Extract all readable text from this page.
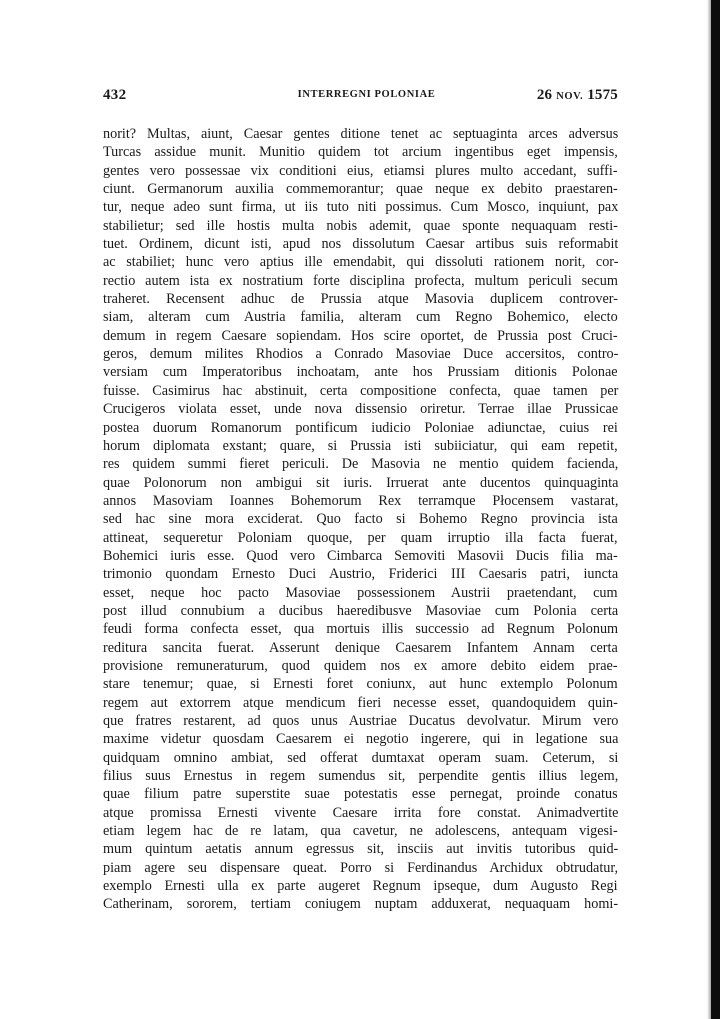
432	INTERREGNI POLONIAE	26 NOV. 1575
norit? Multas, aiunt, Caesar gentes ditione tenet ac septuaginta arces adversus
Turcas assidue munit. Munitio quidem tot arcium ingentibus eget impensis,
gentes vero possessae vix conditioni eius, etiamsi plures multo accedant, suffi-
ciunt. Germanorum auxilia commemorantur; quae neque ex debito praestaren-
tur, neque adeo sunt firma, ut iis tuto niti possimus. Cum Mosco, inquiunt, pax
stabilietur; sed ille hostis multa nobis ademit, quae sponte nequaquam resti-
tuet. Ordinem, dicunt isti, apud nos dissolutum Caesar artibus suis reformabit
ac stabiliet; hunc vero aptius ille emendabit, qui dissoluti rationem norit, cor-
rectio autem ista ex nostratium forte disciplina profecta, multum periculi secum
traheret. Recensent adhuc de Prussia atque Masovia duplicem controver-
siam, alteram cum Austria familia, alteram cum Regno Bohemico, electo
demum in regem Caesare sopiendam. Hos scire oportet, de Prussia post Cruci-
geros, demum milites Rhodios a Conrado Masoviae Duce accersitos, contro-
versiam cum Imperatoribus inchoatam, ante hos Prussiam ditionis Polonae
fuisse. Casimirus hac abstinuit, certa compositione confecta, quae tamen per
Crucigeros violata esset, unde nova dissensio oriretur. Terrae illae Prussicae
postea duorum Romanorum pontificum iudicio Poloniae adiunctae, cuius rei
horum diplomata exstant; quare, si Prussia isti subiiciatur, qui eam repetit,
res quidem summi fieret periculi. De Masovia ne mentio quidem facienda,
quae Polonorum non ambigui sit iuris. Irruerat ante ducentos quinquaginta
annos Masoviam Ioannes Bohemorum Rex terramque Płocensem vastarat,
sed hac sine mora exciderat. Quo facto si Bohemo Regno provincia ista
attineat, sequeretur Poloniam quoque, per quam irruptio illa facta fuerat,
Bohemici iuris esse. Quod vero Cimbarca Semoviti Masovii Ducis filia ma-
trimonio quondam Ernesto Duci Austrio, Friderici III Caesaris patri, iuncta
esset, neque hoc pacto Masoviae possessionem Austrii praetendant, cum
post illud connubium a ducibus haeredibusve Masoviae cum Polonia certa
feudi forma confecta esset, qua mortuis illis successio ad Regnum Polonum
reditura sancita fuerat. Asserunt denique Caesarem Infantem Annam certa
provisione remuneraturum, quod quidem nos ex amore debito eidem prae-
stare tenemur; quae, si Ernesti foret coniunx, aut hunc extemplo Polonum
regem aut extorrem atque mendicum fieri necesse esset, quandoquidem quin-
que fratres restarent, ad quos unus Austriae Ducatus devolvatur. Mirum vero
maxime videtur quosdam Caesarem ei negotio ingerere, qui in legatione sua
quidquam omnino ambiat, sed offerat dumtaxat operam suam. Ceterum, si
filius suus Ernestus in regem sumendus sit, perpendite gentis illius legem,
quae filium patre superstite suae potestatis esse pernegat, proinde conatus
atque promissa Ernesti vivente Caesare irrita fore constat. Animadvertite
etiam legem hac de re latam, qua cavetur, ne adolescens, antequam vigesi-
mum quintum aetatis annum egressus sit, insciis aut invitis tutoribus quid-
piam agere seu dispensare queat. Porro si Ferdinandus Archidux obtrudatur,
exemplo Ernesti ulla ex parte augeret Regnum ipseque, dum Augusto Regi
Catherinam, sororem, tertiam coniugem nuptam adduxerat, nequaquam homi-
